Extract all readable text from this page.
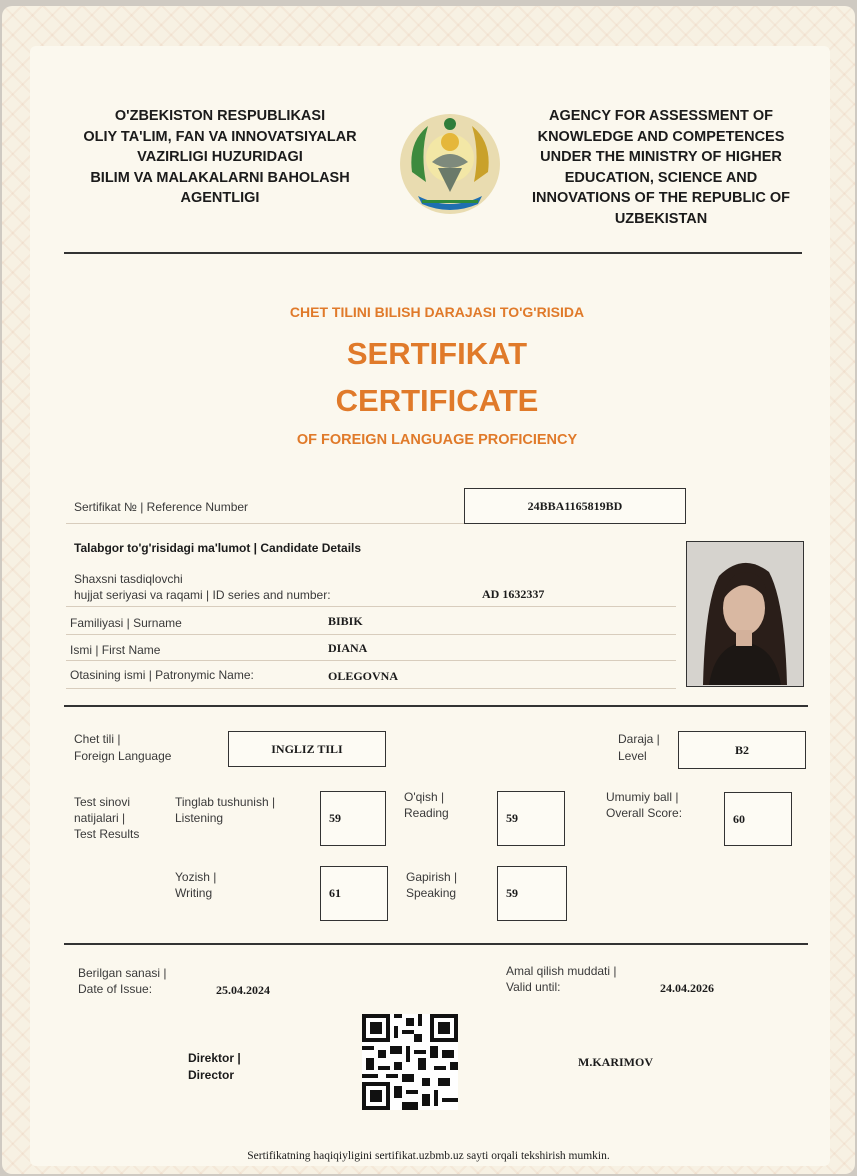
O'ZBEKISTON RESPUBLIKASI
OLIY TA'LIM, FAN VA INNOVATSIYALAR
VAZIRLIGI HUZURIDAGI
BILIM VA MALAKALARNI BAHOLASH
AGENTLIGI
AGENCY FOR ASSESSMENT OF
KNOWLEDGE AND COMPETENCES
UNDER THE MINISTRY OF HIGHER
EDUCATION, SCIENCE AND
INNOVATIONS OF THE REPUBLIC OF
UZBEKISTAN
CHET TILINI BILISH DARAJASI TO'G'RISIDA
SERTIFIKAT
CERTIFICATE
OF FOREIGN LANGUAGE PROFICIENCY
Sertifikat № | Reference Number	24BBA1165819BD
Talabgor to'g'risidagi ma'lumot | Candidate Details
Shaxsni tasdiqlovchi
hujjat seriyasi va raqami | ID series and number:	AD 1632337
Familiyasi | Surname	BIBIK
Ismi | First Name	DIANA
Otasining ismi | Patronymic Name:	OLEGOVNA
Chet tili |
Foreign Language
INGLIZ TILI
Daraja |
Level	B2
Test sinovi
natijalari |
Test Results
Tinglab tushunish |
Listening	59
O'qish |
Reading	59
Umumiy ball |
Overall Score:	60
Yozish |
Writing	61
Gapirish |
Speaking	59
Berilgan sanasi |
Date of Issue:	25.04.2024
Amal qilish muddati |
Valid until:	24.04.2026
Direktor |
Director
M.KARIMOV
Sertifikatning haqiqiyligini sertifikat.uzbmb.uz sayti orqali tekshirish mumkin.
